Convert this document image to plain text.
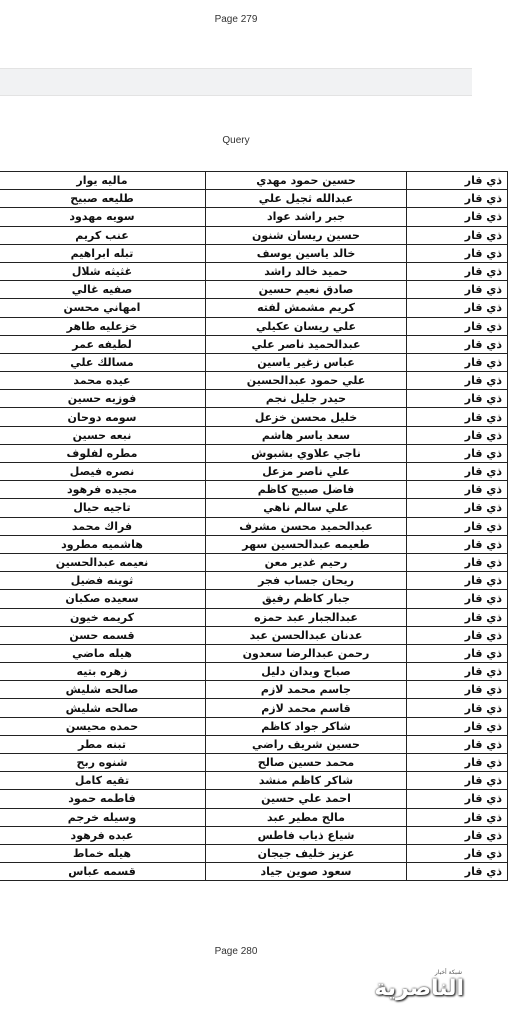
Page 279
Query
ماليه يوار	حسين حمود مهدي	ذي قار
طليعه صبيح	عبدالله ثجيل علي	ذي قار
سويه مهدود	جبر راشد عواد	ذي قار
عنب كريم	حسين ريسان شنون	ذي قار
تبله ابراهيم	خالد ياسين يوسف	ذي قار
غثيثه شلال	حميد خالد راشد	ذي قار
صفيه غالي	صادق نعيم حسين	ذي قار
امهاني محسن	كريم مشمش لفته	ذي قار
خزعليه طاهر	علي ريسان عكيلي	ذي قار
لطيفه عمر	عبدالحميد ناصر علي	ذي قار
مسالك علي	عباس زغير ياسين	ذي قار
عيده محمد	علي حمود عبدالحسين	ذي قار
فوزيه حسين	حيدر جليل نجم	ذي قار
سومه دوحان	خليل محسن خزعل	ذي قار
نبعه حسين	سعد ياسر هاشم	ذي قار
مطره لفلوف	ناجي علاوي بشبوش	ذي قار
نصره فيصل	علي ناصر مزعل	ذي قار
مجيده فرهود	فاضل صبيح كاظم	ذي قار
تاجيه حيال	علي سالم ناهي	ذي قار
فراك محمد	عبدالحميد محسن مشرف	ذي قار
هاشميه مطرود	طعيمه عبدالحسين سهر	ذي قار
نعيمه عبدالحسين	رحيم غدير معن	ذي قار
ثوينه فضيل	ريحان جساب فجر	ذي قار
سعيده صكبان	جبار كاظم رفيق	ذي قار
كريمه خيون	عبدالجبار عبد حمزه	ذي قار
قسمه حسن	عدنان عبدالحسن عبد	ذي قار
هيله ماضي	رحمن عبدالرضا سعدون	ذي قار
زهره بتيه	صباح وبدان دليل	ذي قار
صالحه شليش	جاسم محمد لازم	ذي قار
صالحه شليش	قاسم محمد لازم	ذي قار
حمده محيسن	شاكر جواد كاظم	ذي قار
تبنه مطر	حسين شريف راضي	ذي قار
شنوه ربح	محمد حسين صالح	ذي قار
تقيه كامل	شاكر كاظم منشد	ذي قار
فاطمه حمود	احمد علي حسين	ذي قار
وسيله خرجم	مالح مطير عبد	ذي قار
عبده فرهود	شياع ذياب فاطس	ذي قار
هيله خماط	عزيز خليف جيجان	ذي قار
قسمه عباس	سعود صوين جياد	ذي قار
Page 280
شبكة أخبار
الناصرية
